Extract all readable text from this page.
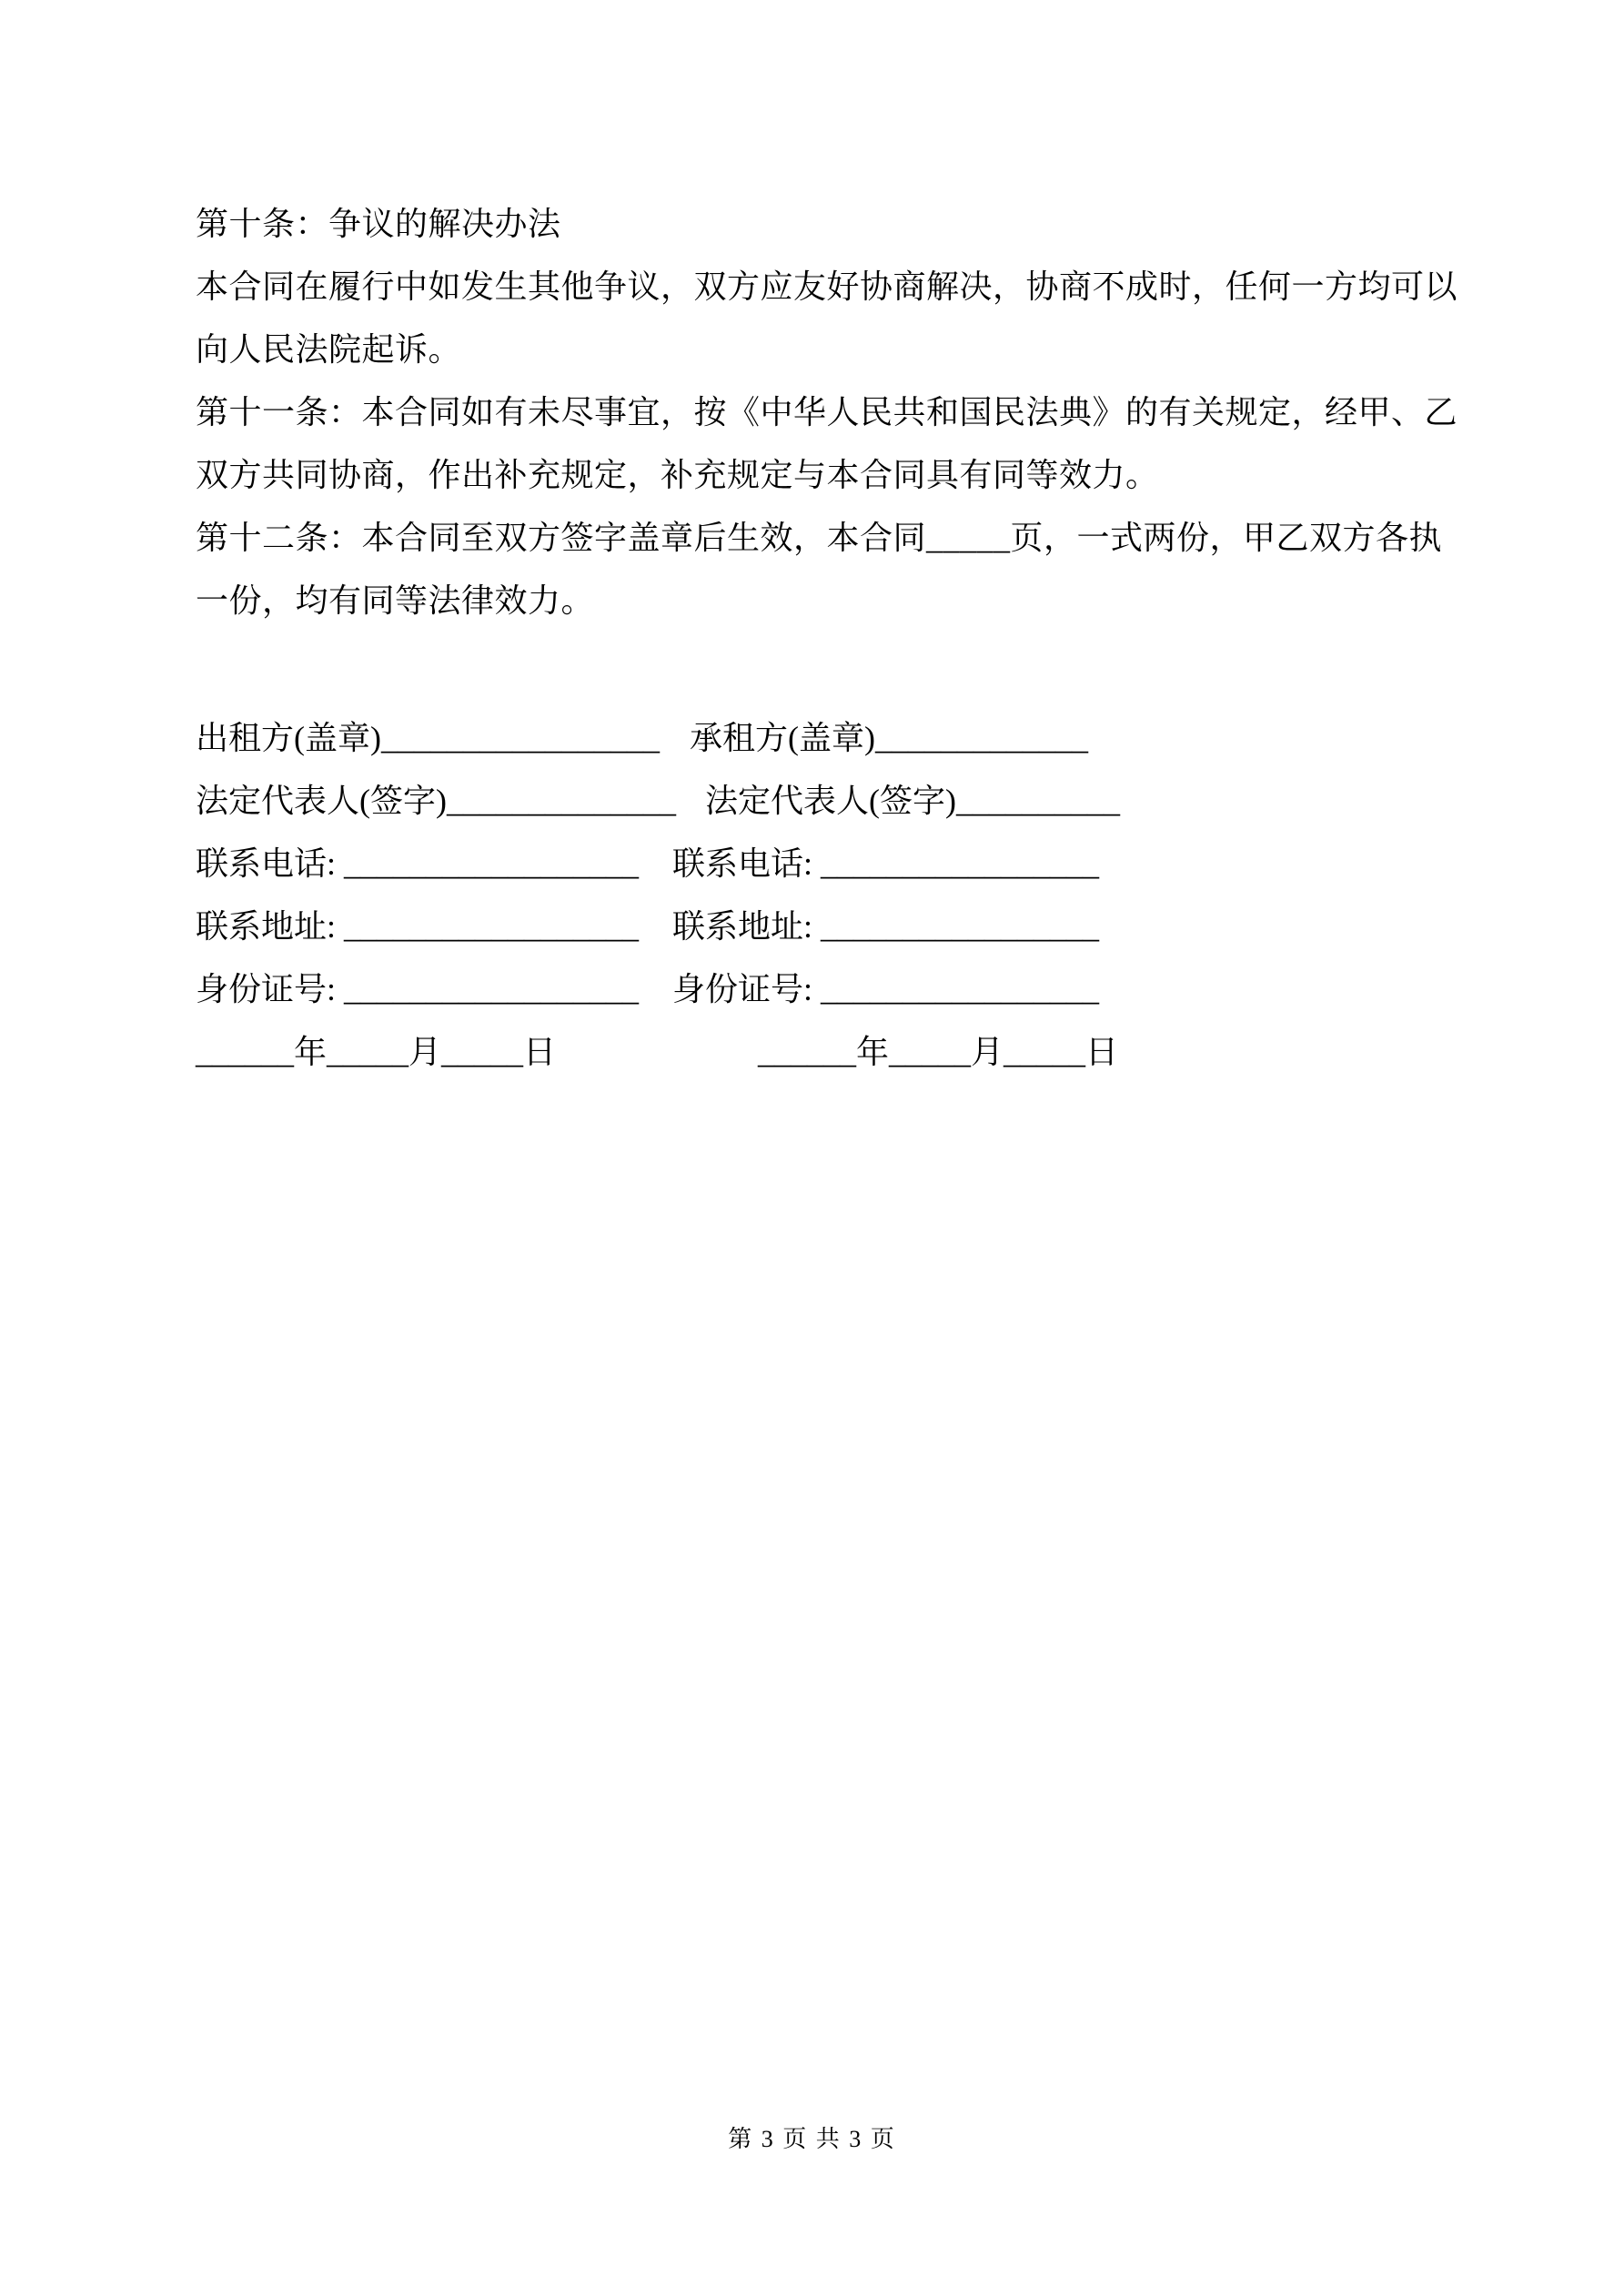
第十条：争议的解决办法
本合同在履行中如发生其他争议，双方应友好协商解决，协商不成时，任何一方均可以
向人民法院起诉。
第十一条：本合同如有未尽事宜，按《中华人民共和国民法典》的有关规定，经甲、乙
双方共同协商，作出补充规定，补充规定与本合同具有同等效力。
第十二条：本合同至双方签字盖章后生效，本合同_____页，一式两份，甲乙双方各执
一份，均有同等法律效力。

出租方(盖章)_________________

承租方(盖章)_____________

法定代表人(签字)______________

法定代表人(签字)__________

联系电话: __________________

联系电话: _________________

联系地址: __________________

联系地址: _________________

身份证号: __________________

身份证号: _________________

______年_____月_____日

	______年_____月_____日

第 3 页 共 3 页
